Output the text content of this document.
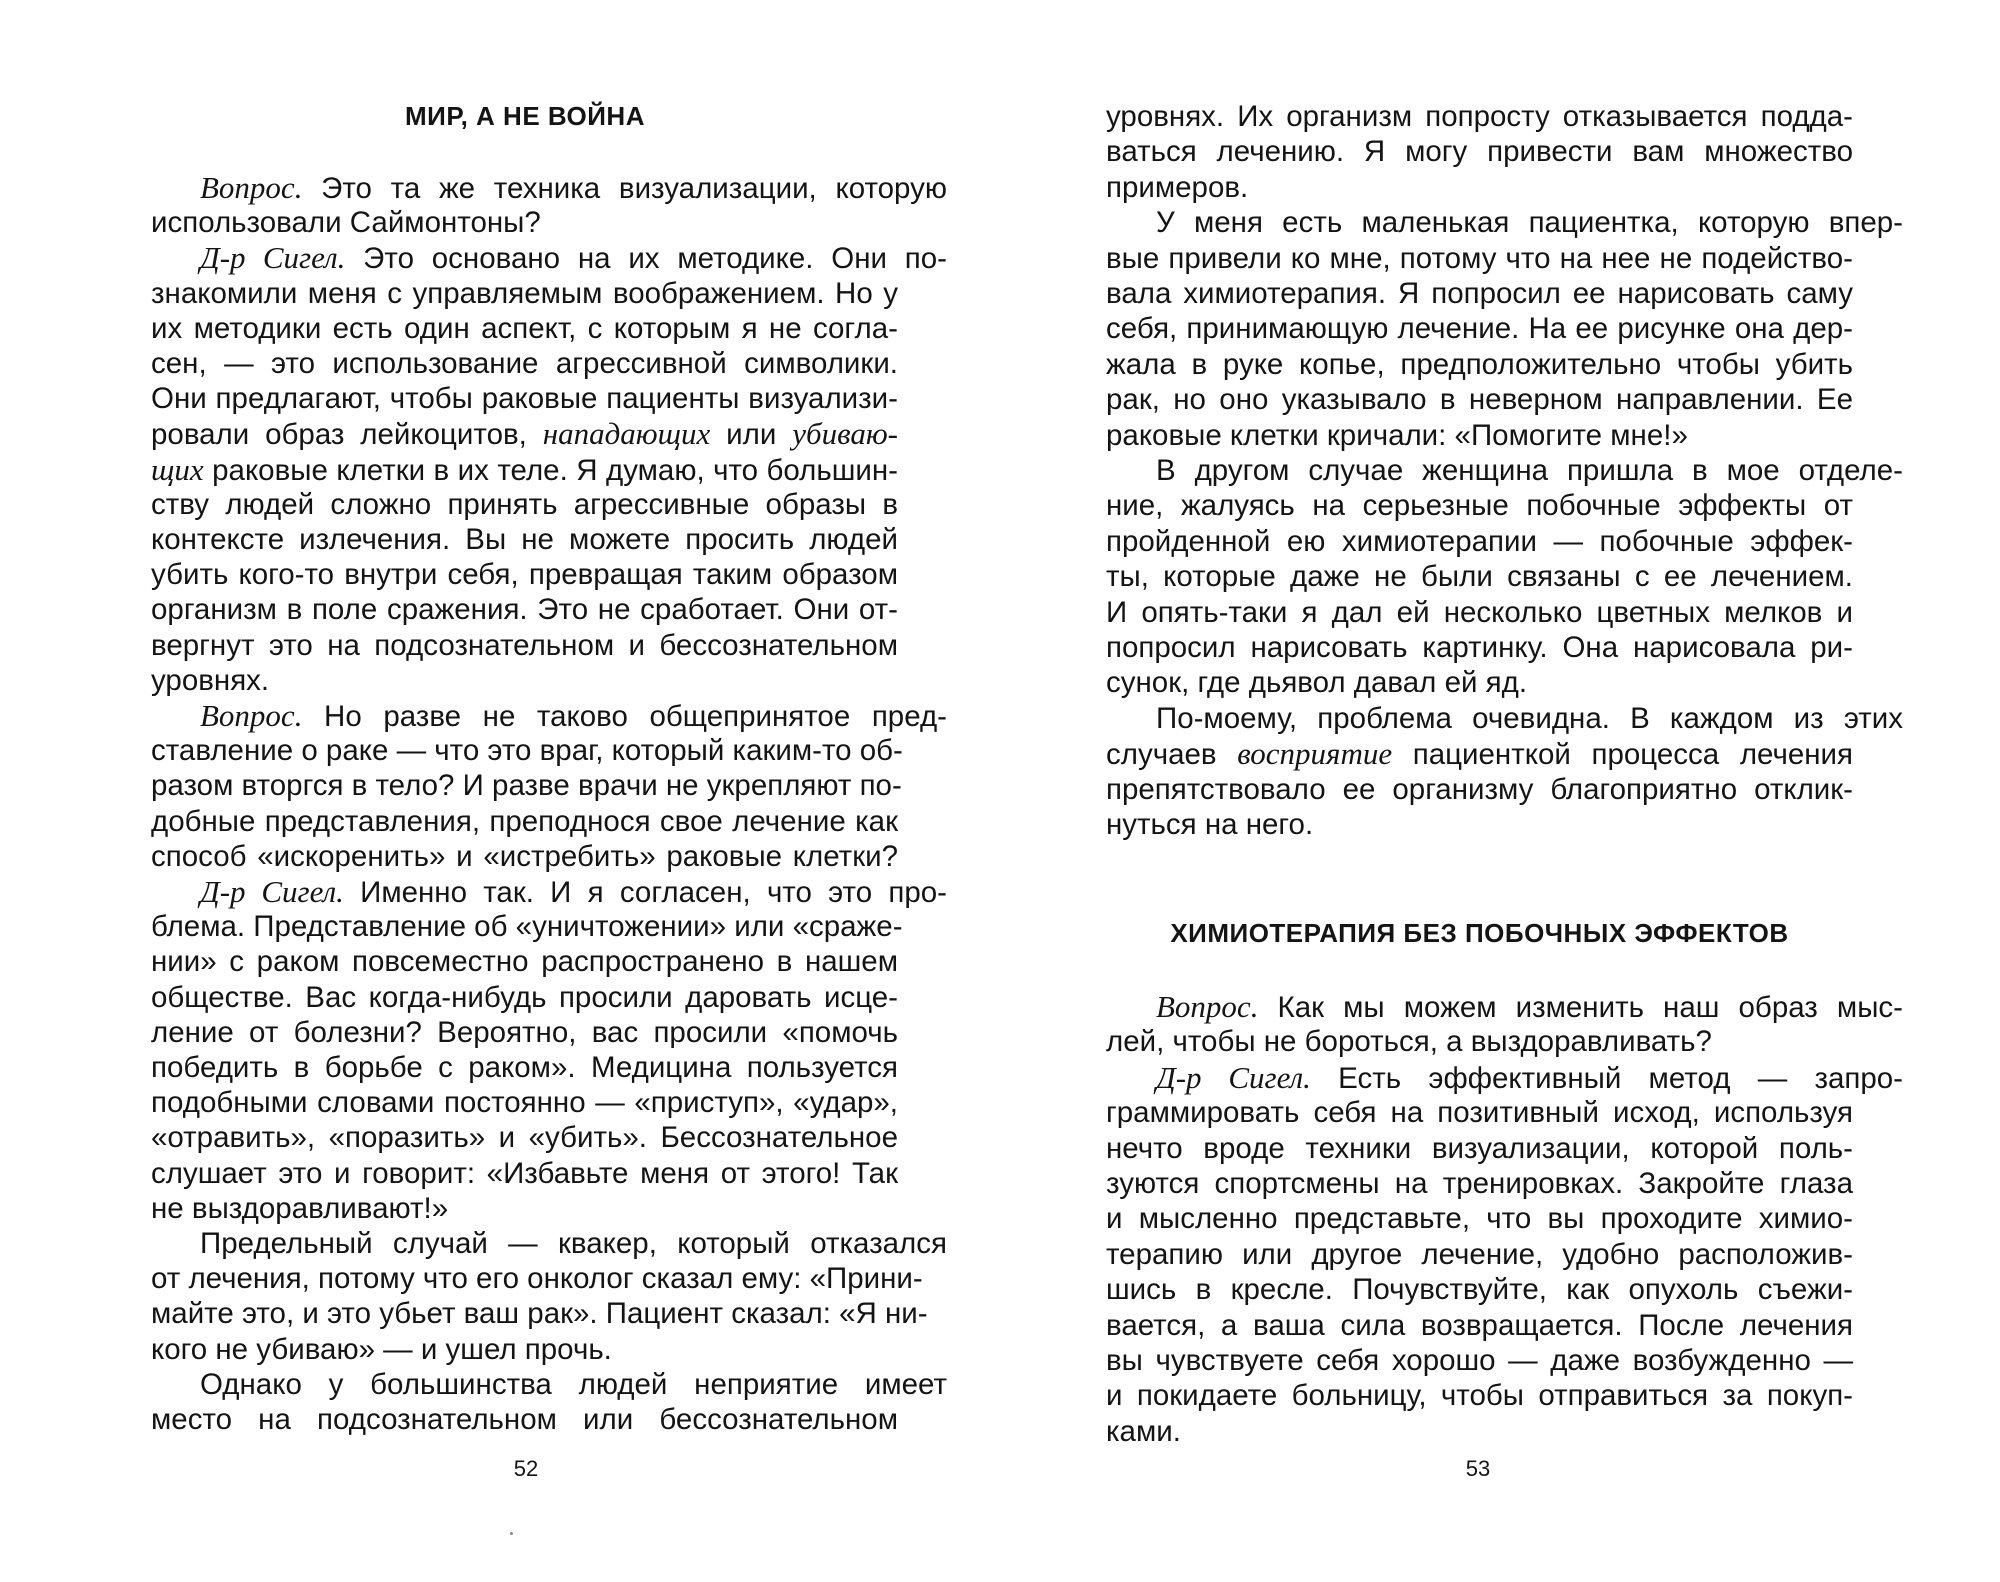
МИР, А НЕ ВОЙНА
Вопрос. Это та же техника визуализации, которую
использовали Саймонтоны?
Д-р Сигел. Это основано на их методике. Они по-
знакомили меня с управляемым воображением. Но у
их методики есть один аспект, с которым я не согла-
сен, — это использование агрессивной символики.
Они предлагают, чтобы раковые пациенты визуализи-
ровали образ лейкоцитов, нападающих или убиваю-
щих раковые клетки в их теле. Я думаю, что большин-
ству людей сложно принять агрессивные образы в
контексте излечения. Вы не можете просить людей
убить кого-то внутри себя, превращая таким образом
организм в поле сражения. Это не сработает. Они от-
вергнут это на подсознательном и бессознательном
уровнях.
Вопрос. Но разве не таково общепринятое пред-
ставление о раке — что это враг, который каким-то об-
разом вторгся в тело? И разве врачи не укрепляют по-
добные представления, преподнося свое лечение как
способ «искоренить» и «истребить» раковые клетки?
Д-р Сигел. Именно так. И я согласен, что это про-
блема. Представление об «уничтожении» или «сраже-
нии» с раком повсеместно распространено в нашем
обществе. Вас когда-нибудь просили даровать исце-
ление от болезни? Вероятно, вас просили «помочь
победить в борьбе с раком». Медицина пользуется
подобными словами постоянно — «приступ», «удар»,
«отравить», «поразить» и «убить». Бессознательное
слушает это и говорит: «Избавьте меня от этого! Так
не выздоравливают!»
Предельный случай — квакер, который отказался
от лечения, потому что его онколог сказал ему: «Прини-
майте это, и это убьет ваш рак». Пациент сказал: «Я ни-
кого не убиваю» — и ушел прочь.
Однако у большинства людей неприятие имеет
место на подсознательном или бессознательном
52
уровнях. Их организм попросту отказывается подда-
ваться лечению. Я могу привести вам множество
примеров.
У меня есть маленькая пациентка, которую впер-
вые привели ко мне, потому что на нее не подейство-
вала химиотерапия. Я попросил ее нарисовать саму
себя, принимающую лечение. На ее рисунке она дер-
жала в руке копье, предположительно чтобы убить
рак, но оно указывало в неверном направлении. Ее
раковые клетки кричали: «Помогите мне!»
В другом случае женщина пришла в мое отделе-
ние, жалуясь на серьезные побочные эффекты от
пройденной ею химиотерапии — побочные эффек-
ты, которые даже не были связаны с ее лечением.
И опять-таки я дал ей несколько цветных мелков и
попросил нарисовать картинку. Она нарисовала ри-
сунок, где дьявол давал ей яд.
По-моему, проблема очевидна. В каждом из этих
случаев восприятие пациенткой процесса лечения
препятствовало ее организму благоприятно отклик-
нуться на него.
ХИМИОТЕРАПИЯ БЕЗ ПОБОЧНЫХ ЭФФЕКТОВ
Вопрос. Как мы можем изменить наш образ мыс-
лей, чтобы не бороться, а выздоравливать?
Д-р Сигел. Есть эффективный метод — запро-
граммировать себя на позитивный исход, используя
нечто вроде техники визуализации, которой поль-
зуются спортсмены на тренировках. Закройте глаза
и мысленно представьте, что вы проходите химио-
терапию или другое лечение, удобно расположив-
шись в кресле. Почувствуйте, как опухоль съежи-
вается, а ваша сила возвращается. После лечения
вы чувствуете себя хорошо — даже возбужденно —
и покидаете больницу, чтобы отправиться за покуп-
ками.
53
